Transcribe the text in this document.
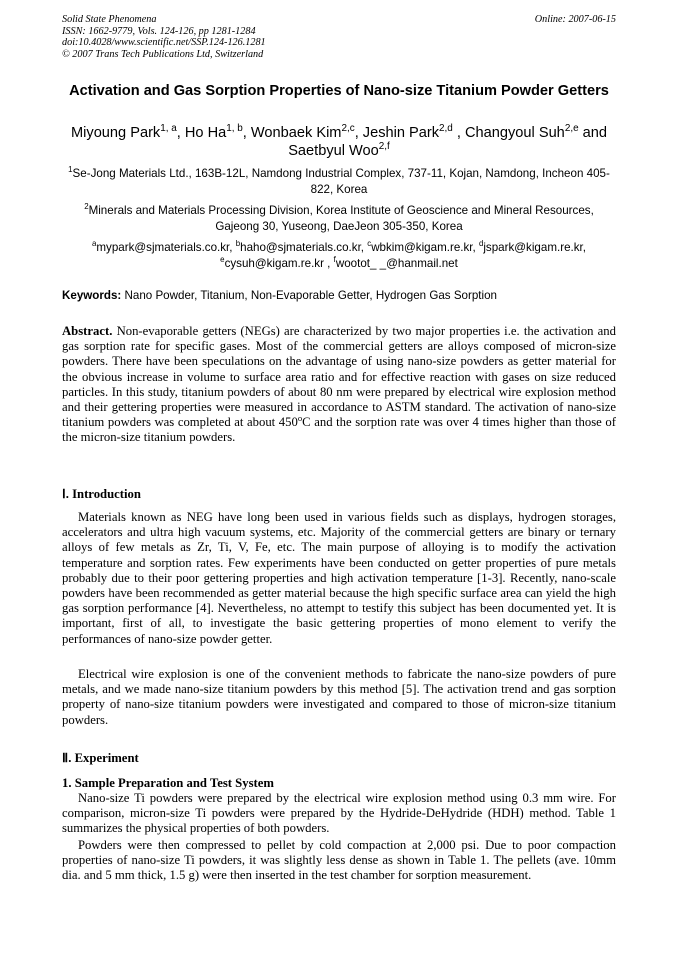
Solid State Phenomena
ISSN: 1662-9779, Vols. 124-126, pp 1281-1284
doi:10.4028/www.scientific.net/SSP.124-126.1281
© 2007 Trans Tech Publications Ltd, Switzerland
Online: 2007-06-15
Activation and Gas Sorption Properties of Nano-size Titanium Powder Getters
Miyoung Park$^{1, a}$, Ho Ha$^{1, b}$, Wonbaek Kim$^{2,c}$, Jeshin Park$^{2,d}$ , Changyoul Suh$^{2,e}$ and Saetbyul Woo$^{2,f}$
$^1$Se-Jong Materials Ltd., 163B-12L, Namdong Industrial Complex, 737-11, Kojan, Namdong, Incheon 405-822, Korea
$^2$Minerals and Materials Processing Division, Korea Institute of Geoscience and Mineral Resources, Gajeong 30, Yuseong, DaeJeon 305-350, Korea
$^a$mypark@sjmaterials.co.kr, $^b$haho@sjmaterials.co.kr, $^c$wbkim@kigam.re.kr, $^d$jspark@kigam.re.kr,
$^e$cysuh@kigam.re.kr , $^f$wootot_ _@hanmail.net
Keywords: Nano Powder, Titanium, Non-Evaporable Getter, Hydrogen Gas Sorption
Abstract. Non-evaporable getters (NEGs) are characterized by two major properties i.e. the activation and gas sorption rate for specific gases. Most of the commercial getters are alloys composed of micron-size powders. There have been speculations on the advantage of using nano-size powders as getter material for the obvious increase in volume to surface area ratio and for effective reaction with gases on size reduced particles. In this study, titanium powders of about 80 nm were prepared by electrical wire explosion method and their gettering properties were measured in accordance to ASTM standard. The activation of nano-size titanium powders was completed at about 450$^o$C and the sorption rate was over 4 times higher than those of the micron-size titanium powders.
Ⅰ. Introduction
Materials known as NEG have long been used in various fields such as displays, hydrogen storages, accelerators and ultra high vacuum systems, etc. Majority of the commercial getters are binary or ternary alloys of few metals as Zr, Ti, V, Fe, etc. The main purpose of alloying is to modify the activation temperature and sorption rates. Few experiments have been conducted on getter properties of pure metals probably due to their poor gettering properties and high activation temperature [1-3]. Recently, nano-scale powders have been recommended as getter material because the high specific surface area can yield the high gas sorption performance [4]. Nevertheless, no attempt to testify this subject has been documented yet. It is important, first of all, to investigate the basic gettering properties of mono element to verify the performances of nano-size powder getter.
Electrical wire explosion is one of the convenient methods to fabricate the nano-size powders of pure metals, and we made nano-size titanium powders by this method [5]. The activation trend and gas sorption property of nano-size titanium powders were investigated and compared to those of micron-size titanium powders.
Ⅱ. Experiment
1. Sample Preparation and Test System
Nano-size Ti powders were prepared by the electrical wire explosion method using 0.3 mm wire. For comparison, micron-size Ti powders were prepared by the Hydride-DeHydride (HDH) method. Table 1 summarizes the physical properties of both powders.
Powders were then compressed to pellet by cold compaction at 2,000 psi. Due to poor compaction properties of nano-size Ti powders, it was slightly less dense as shown in Table 1. The pellets (ave. 10mm dia. and 5 mm thick, 1.5 g) were then inserted in the test chamber for sorption measurement.
